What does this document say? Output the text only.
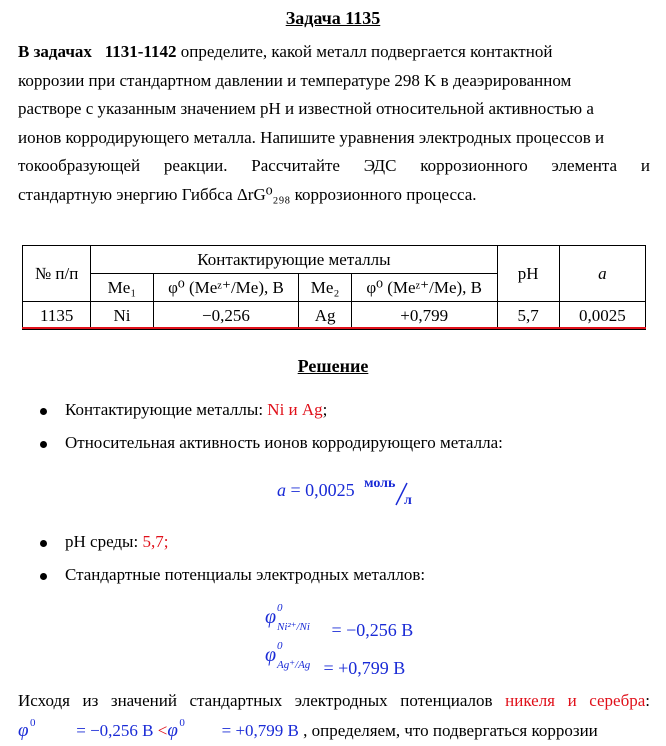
Задача 1135
В задачах 1131-1142 определите, какой металл подвергается контактной
коррозии при стандартном давлении и температуре 298 K в деаэрированном
растворе с указанным значением pH и известной относительной активностью a
ионов корродирующего металла. Напишите уравнения электродных процессов и
токообразующей реакции. Рассчитайте ЭДС коррозионного элемента и
стандартную энергию Гиббса ΔrG⁰₂₉₈ коррозионного процесса.
№ п/п	Контактирующие металлы				pH	a
	Me₁	φ⁰ (Meᶻ⁺/Me), В	Me₂	φ⁰ (Meᶻ⁺/Me), В		
1135	Ni	−0,256	Ag	+0,799	5,7	0,0025
Решение
Контактирующие металлы: Ni и Ag;
Относительная активность ионов корродирующего металла:
a = 0,0025 моль
л
pH среды: 5,7;
Стандартные потенциалы электродных металлов:
φ 0
Ni²⁺/Ni = −0,256 В
φ 0
Ag⁺/Ag = +0,799 В
Исходя из значений стандартных электродных потенциалов никеля и серебра:
φ 0 = −0,256 В <φ 0 = +0,799 В , определяем, что подвергаться коррозии
